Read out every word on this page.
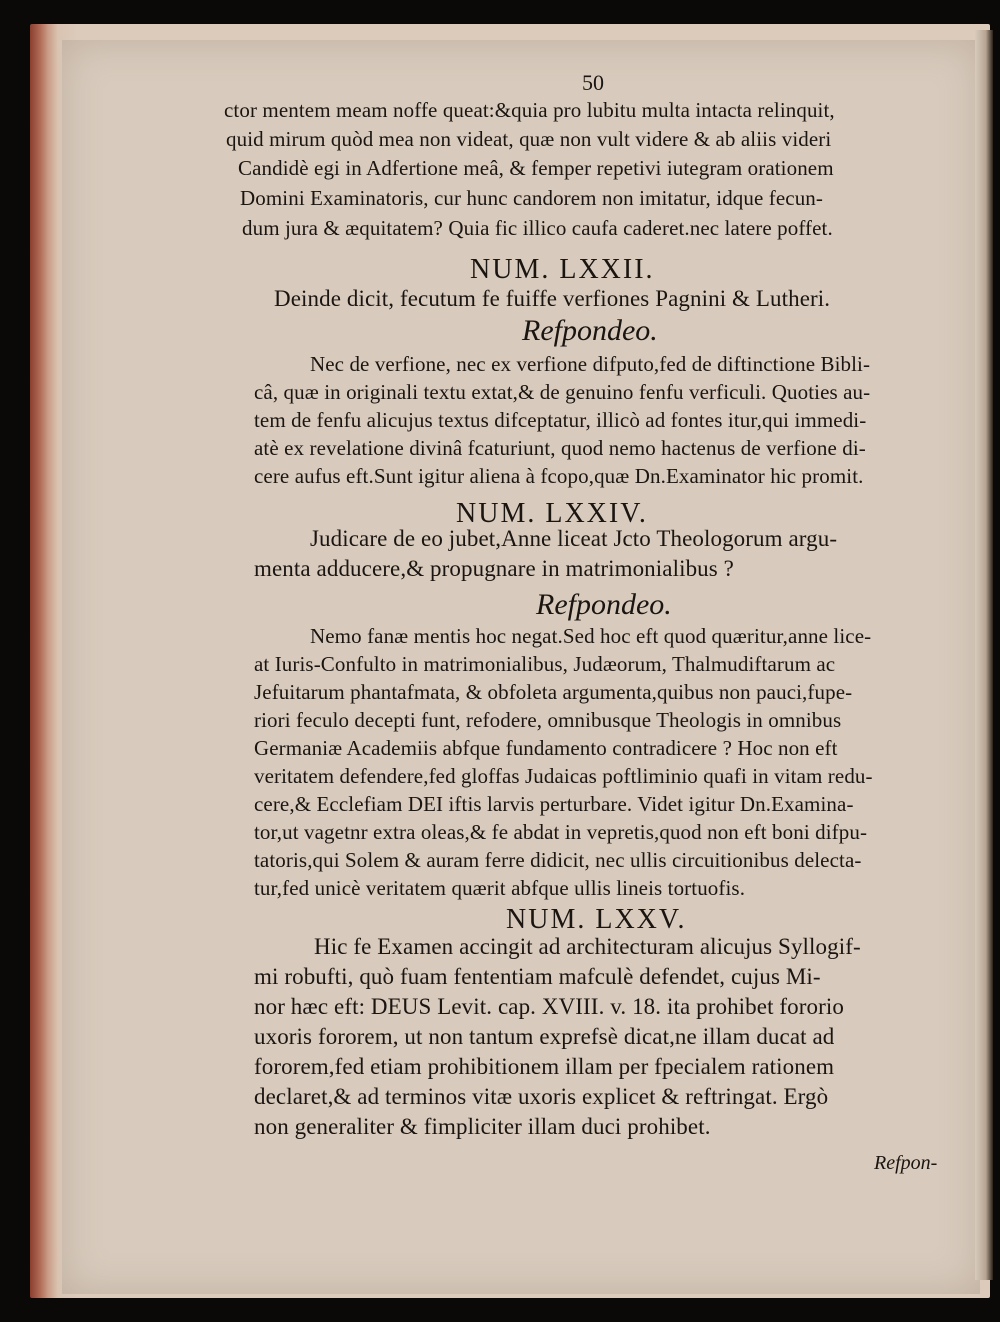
50
ctor mentem meam noffe queat:&quia pro lubitu multa intacta relinquit,
quid mirum quòd mea non videat, quæ non vult videre & ab aliis videri
Candidè egi in Adfertione meâ, & femper repetivi iutegram orationem
Domini Examinatoris, cur hunc candorem non imitatur, idque fecun-
dum jura & æquitatem? Quia fic illico caufa caderet.nec latere poffet.
NUM. LXXII.
Deinde dicit, fecutum fe fuiffe verfiones Pagnini & Lutheri.
Refpondeo.
Nec de verfione, nec ex verfione difputo,fed de diftinctione Bibli-
câ, quæ in originali textu extat,& de genuino fenfu verficuli. Quoties au-
tem de fenfu alicujus textus difceptatur, illicò ad fontes itur,qui immedi-
atè ex revelatione divinâ fcaturiunt, quod nemo hactenus de verfione di-
cere aufus eft.Sunt igitur aliena à fcopo,quæ Dn.Examinator hic promit.
NUM. LXXIV.
Judicare de eo jubet,Anne liceat Jcto Theologorum argu-
menta adducere,& propugnare in matrimonialibus ?
Refpondeo.
Nemo fanæ mentis hoc negat.Sed hoc eft quod quæritur,anne lice-
at Iuris-Confulto in matrimonialibus, Judæorum, Thalmudiftarum ac
Jefuitarum phantafmata, & obfoleta argumenta,quibus non pauci,fupe-
riori feculo decepti funt, refodere, omnibusque Theologis in omnibus
Germaniæ Academiis abfque fundamento contradicere ? Hoc non eft
veritatem defendere,fed gloffas Judaicas poftliminio quafi in vitam redu-
cere,& Ecclefiam DEI iftis larvis perturbare. Videt igitur Dn.Examina-
tor,ut vagetnr extra oleas,& fe abdat in vepretis,quod non eft boni difpu-
tatoris,qui Solem & auram ferre didicit, nec ullis circuitionibus delecta-
tur,fed unicè veritatem quærit abfque ullis lineis tortuofis.
NUM. LXXV.
Hic fe Examen accingit ad architecturam alicujus Syllogif-
mi robufti, quò fuam fententiam mafculè defendet, cujus Mi-
nor hæc eft: DEUS Levit. cap. XVIII. v. 18. ita prohibet fororio
uxoris fororem, ut non tantum exprefsè dicat,ne illam ducat ad
fororem,fed etiam prohibitionem illam per fpecialem rationem
declaret,& ad terminos vitæ uxoris explicet & reftringat. Ergò
non generaliter & fimpliciter illam duci prohibet.
Refpon-
